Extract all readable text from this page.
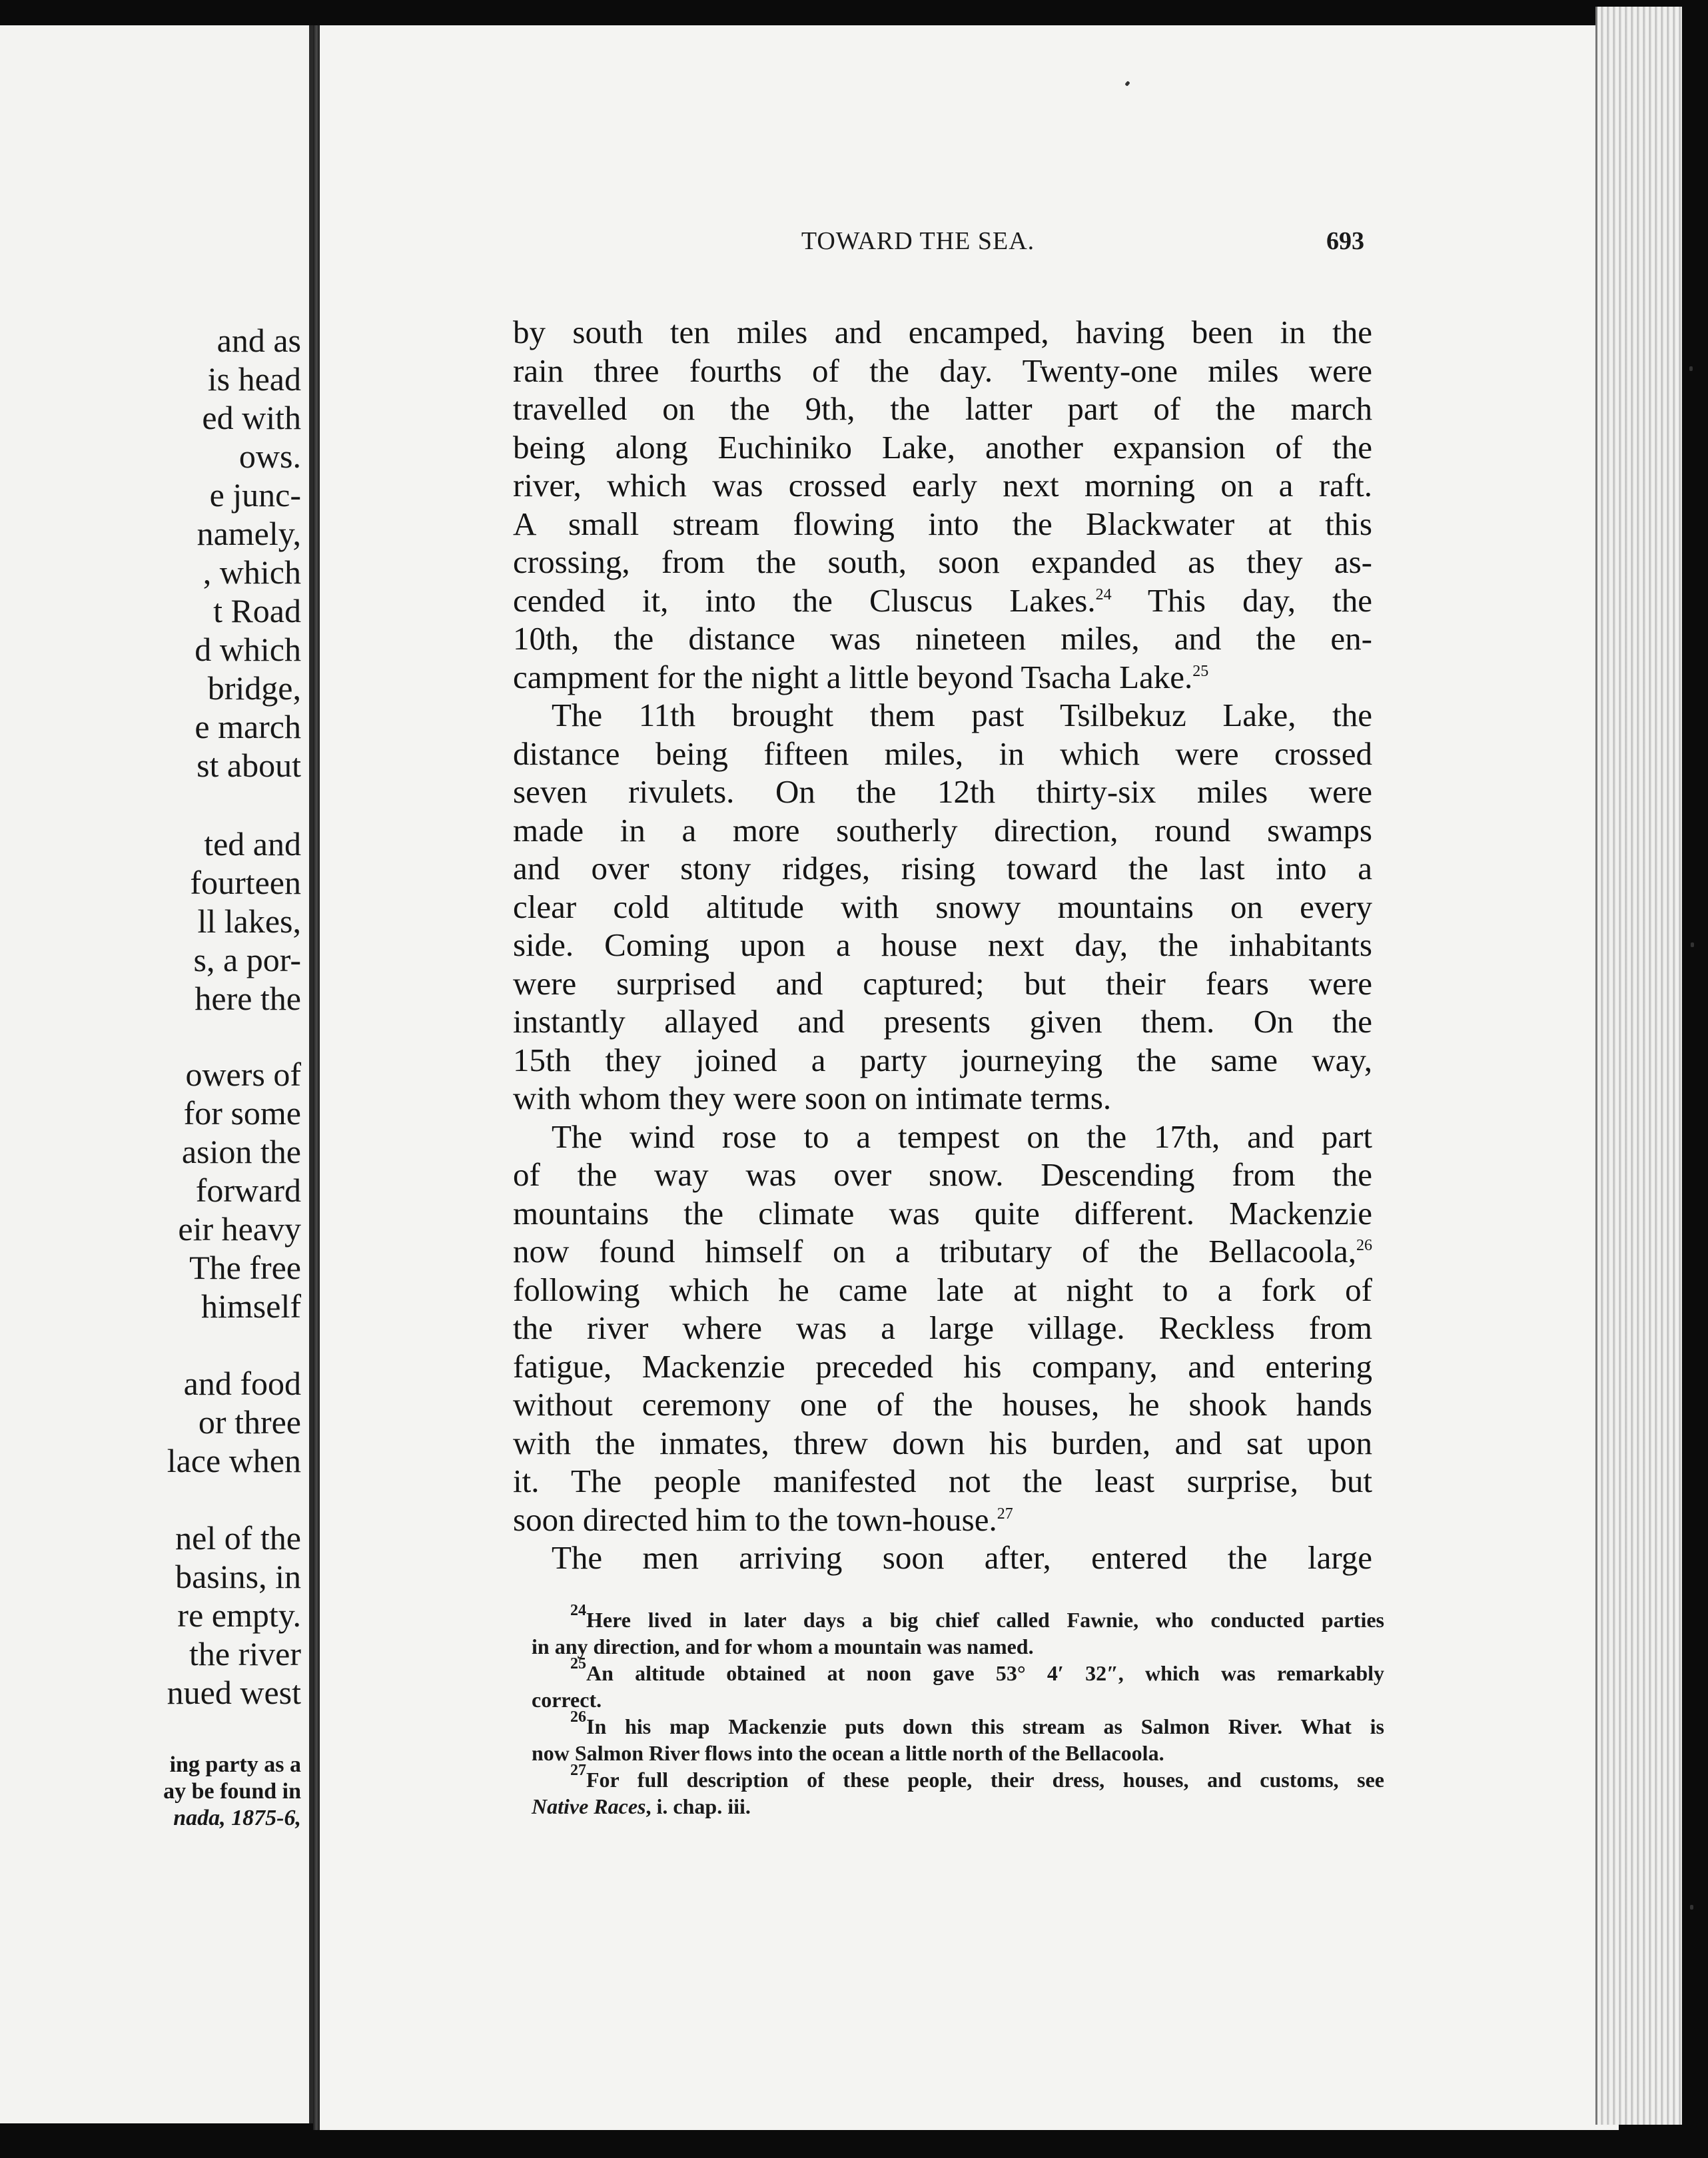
and as
is head
ed with
ows.
e junc-
namely,
, which
t Road
d which
bridge,
e march
st about
ted and
fourteen
ll lakes,
s, a por-
here the
owers of
for some
asion the
forward
eir heavy
The free
himself
and food
or three
lace when
nel of the
basins, in
re empty.
the river
nued west
ing party as a
ay be found in
nada, 1875-6,
TOWARD THE SEA.	693
by south ten miles and encamped, having been in the
rain three fourths of the day. Twenty-one miles were
travelled on the 9th, the latter part of the march
being along Euchiniko Lake, another expansion of the
river, which was crossed early next morning on a raft.
A small stream flowing into the Blackwater at this
crossing, from the south, soon expanded as they as-
cended it, into the Cluscus Lakes.$^{24}$ This day, the
10th, the distance was nineteen miles, and the en-
campment for the night a little beyond Tsacha Lake.$^{25}$
The 11th brought them past Tsilbekuz Lake, the
distance being fifteen miles, in which were crossed
seven rivulets. On the 12th thirty-six miles were
made in a more southerly direction, round swamps
and over stony ridges, rising toward the last into a
clear cold altitude with snowy mountains on every
side. Coming upon a house next day, the inhabitants
were surprised and captured; but their fears were
instantly allayed and presents given them. On the
15th they joined a party journeying the same way,
with whom they were soon on intimate terms.
The wind rose to a tempest on the 17th, and part
of the way was over snow. Descending from the
mountains the climate was quite different. Mackenzie
now found himself on a tributary of the Bellacoola,$^{26}$
following which he came late at night to a fork of
the river where was a large village. Reckless from
fatigue, Mackenzie preceded his company, and entering
without ceremony one of the houses, he shook hands
with the inmates, threw down his burden, and sat upon
it. The people manifested not the least surprise, but
soon directed him to the town-house.$^{27}$
The men arriving soon after, entered the large
$^{24}$Here lived in later days a big chief called Fawnie, who conducted parties
in any direction, and for whom a mountain was named.
$^{25}$An altitude obtained at noon gave 53° 4′ 32″, which was remarkably
correct.
$^{26}$In his map Mackenzie puts down this stream as Salmon River. What is
now Salmon River flows into the ocean a little north of the Bellacoola.
$^{27}$For full description of these people, their dress, houses, and customs, see
Native Races, i. chap. iii.
